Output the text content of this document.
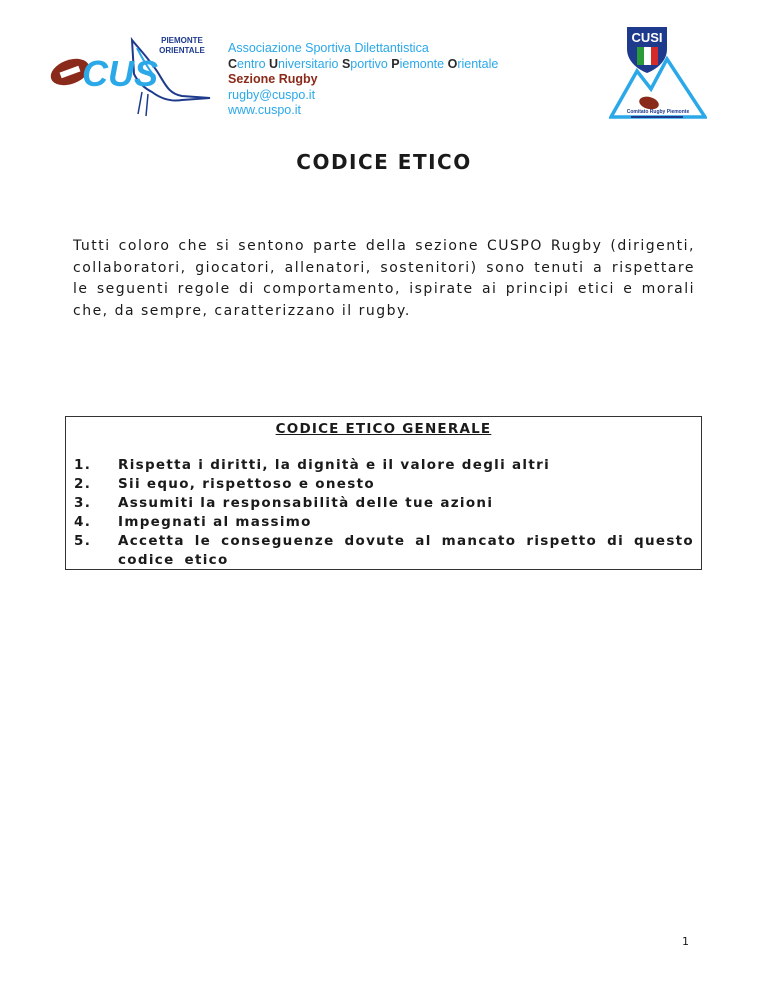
CUS
PIEMONTE ORIENTALE	Associazione Sportiva Dilettantistica
Centro Universitario Sportivo Piemonte Orientale
Sezione Rugby
rugby@cuspo.it
www.cuspo.it
CUSI
Comitato Rugby Piemonte
CODICE ETICO
Tutti coloro che si sentono parte della sezione CUSPO Rugby (dirigenti, collaboratori, giocatori, allenatori, sostenitori) sono tenuti a rispettare le seguenti regole di comportamento, ispirate ai principi etici e morali che, da sempre, caratterizzano il rugby.
CODICE ETICO GENERALE
1.	Rispetta i diritti, la dignità e il valore degli altri
2.	Sii equo, rispettoso e onesto
3.	Assumiti la responsabilità delle tue azioni
4.	Impegnati al massimo
5.	Accetta le conseguenze dovute al mancato rispetto di questo codice etico
1
